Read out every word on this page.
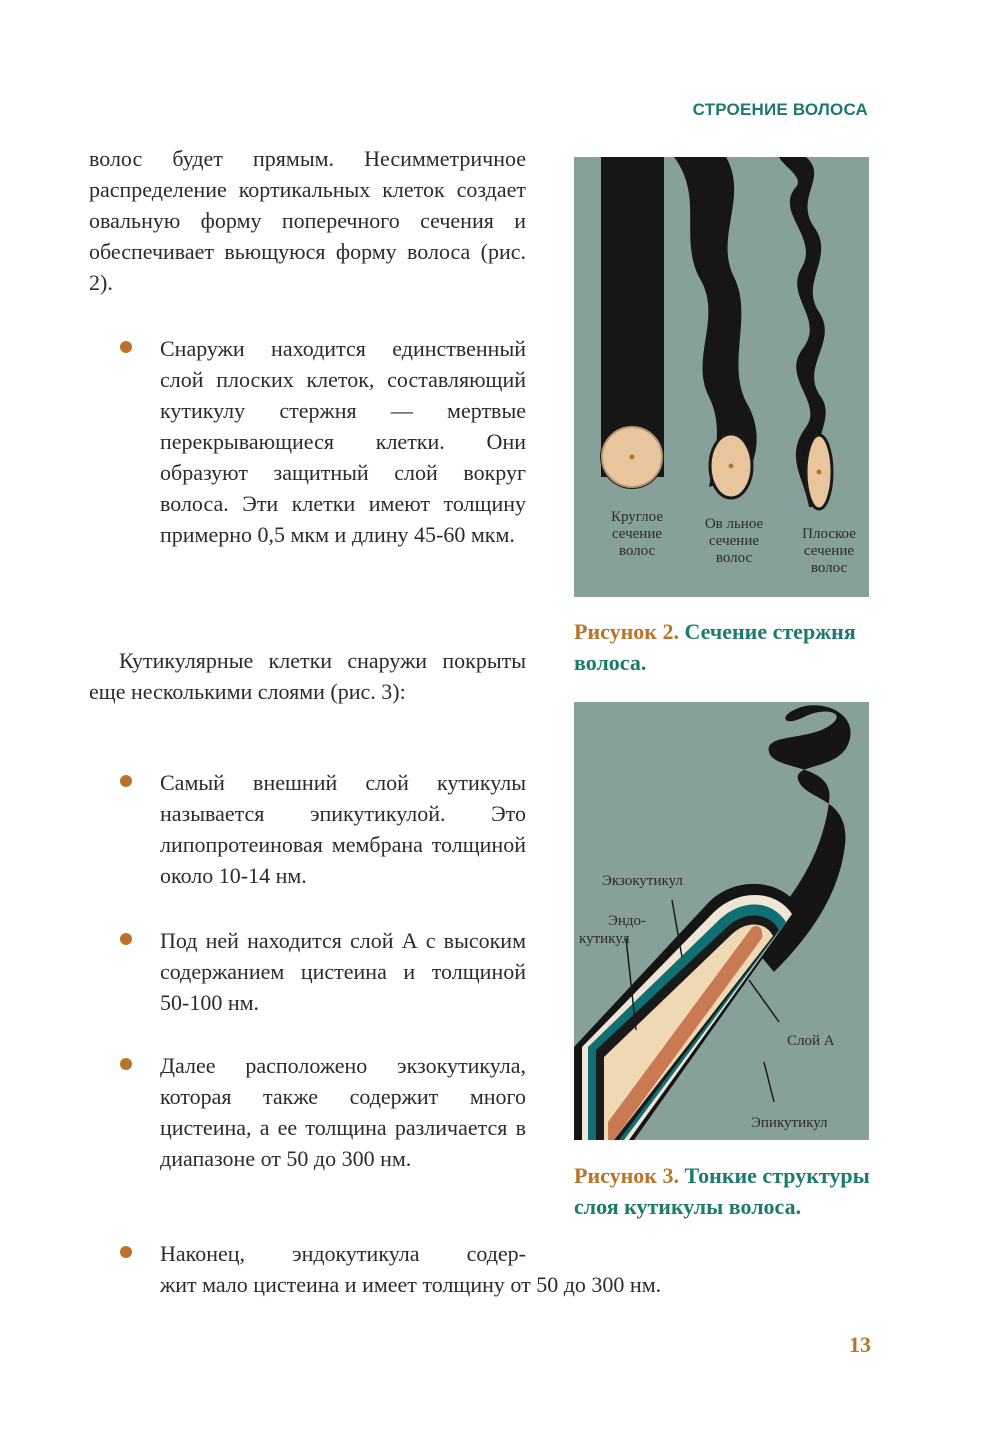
СТРОЕНИЕ ВОЛОСА

волос будет прямым. Несимметричное распределение кортикальных клеток создает овальную форму поперечного сечения и обеспечивает вьющуюся форму волоса (рис. 2).

Снаружи находится единственный слой плоских клеток, составляющий кутикулу стержня — мертвые перекрывающиеся клетки. Они образуют защитный слой вокруг волоса. Эти клетки имеют толщину примерно 0,5 мкм и длину 45-60 мкм.

Кутикулярные клетки снаружи покрыты еще несколькими слоями (рис. 3):

Самый внешний слой кутикулы называется эпикутикулой. Это липопротеиновая мембрана толщиной около 10-14 нм.
Под ней находится слой А с высоким содержанием цистеина и толщиной 50-100 нм.
Далее расположено экзокутикула, которая также содержит много цистеина, а ее толщина различается в диапазоне от 50 до 300 нм.
Наконец, эндокутикула содер-
жит мало цистеина и имеет толщину от 50 до 300 нм.
Круглое
сечение
волос
Ов льное
сечение
волос
Плоское
сечение
волос
Рисунок 2. Сечение стержня волоса.
Экзокутикул
Эндо-
кутикул
Слой А
Эпикутикул
Рисунок 3. Тонкие структуры слоя кутикулы волоса.
13
